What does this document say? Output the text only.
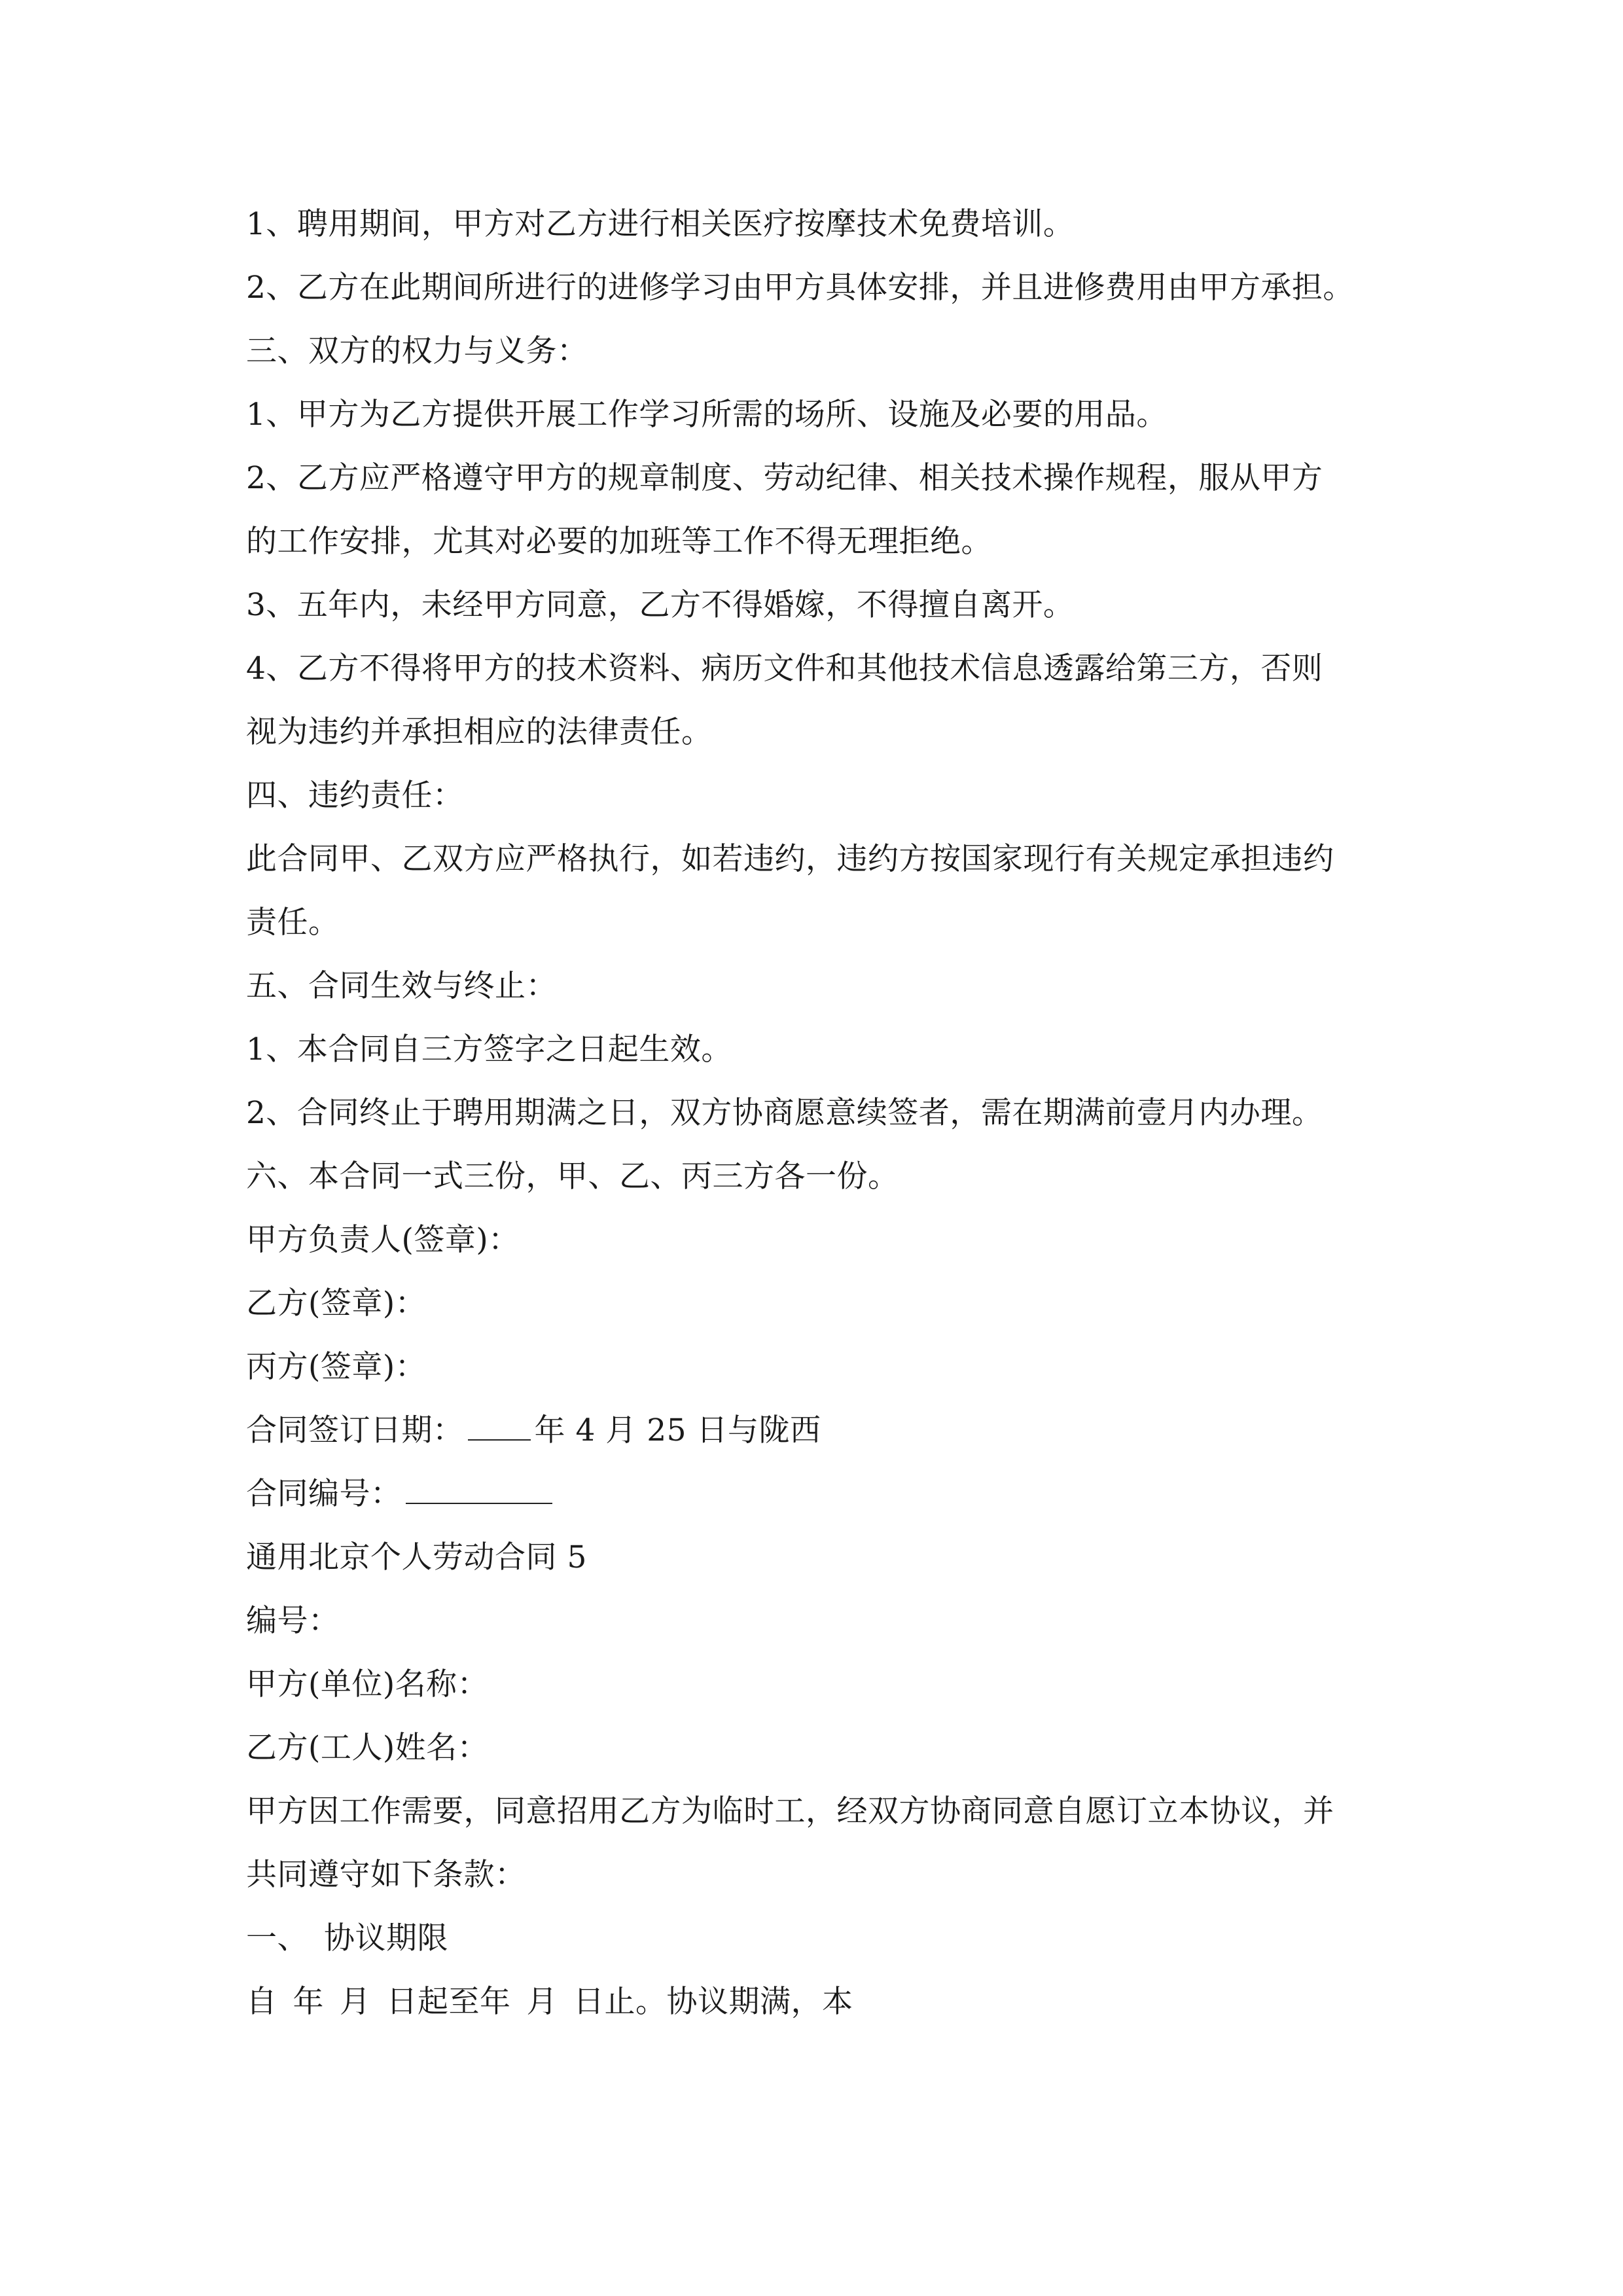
1、聘用期间，甲方对乙方进行相关医疗按摩技术免费培训。
2、乙方在此期间所进行的进修学习由甲方具体安排，并且进修费用由甲方承担。
三、双方的权力与义务：
1、甲方为乙方提供开展工作学习所需的场所、设施及必要的用品。
2、乙方应严格遵守甲方的规章制度、劳动纪律、相关技术操作规程，服从甲方
的工作安排，尤其对必要的加班等工作不得无理拒绝。
3、五年内，未经甲方同意，乙方不得婚嫁，不得擅自离开。
4、乙方不得将甲方的技术资料、病历文件和其他技术信息透露给第三方，否则
视为违约并承担相应的法律责任。
四、违约责任：
此合同甲、乙双方应严格执行，如若违约，违约方按国家现行有关规定承担违约
责任。
五、合同生效与终止：
1、本合同自三方签字之日起生效。
2、合同终止于聘用期满之日，双方协商愿意续签者，需在期满前壹月内办理。
六、本合同一式三份，甲、乙、丙三方各一份。
甲方负责人(签章)：
乙方(签章)：
丙方(签章)：
合同签订日期： 年 4 月 25 日与陇西
合同编号：
通用北京个人劳动合同 5
编号：
甲方(单位)名称：
乙方(工人)姓名：
甲方因工作需要，同意招用乙方为临时工，经双方协商同意自愿订立本协议，并
共同遵守如下条款：
一、 协议期限
自 年 月 日起至年 月 日止。协议期满，本
